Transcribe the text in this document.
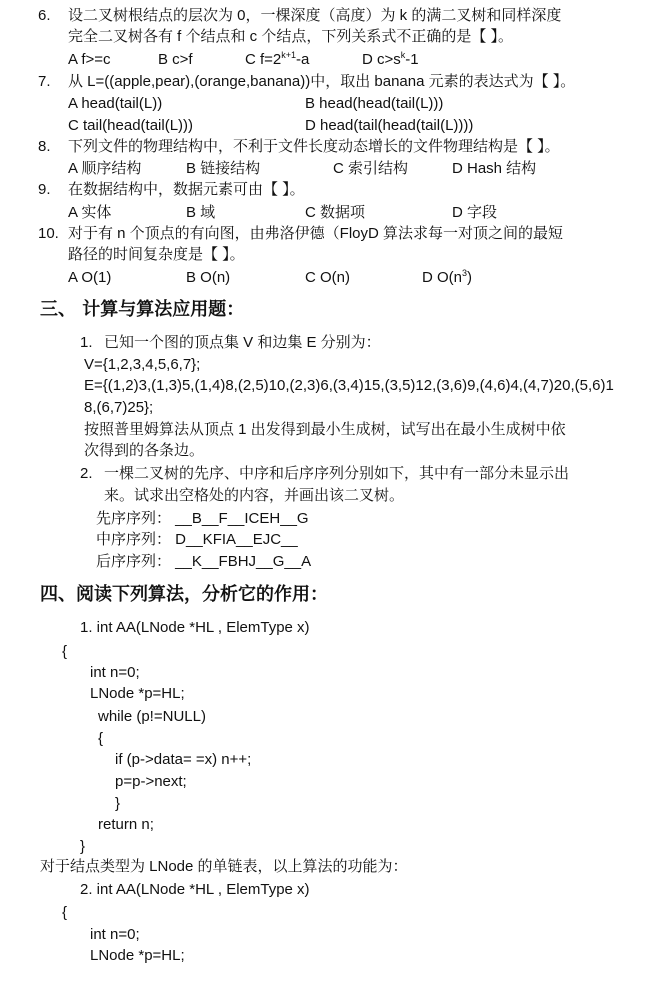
6. 设二叉树根结点的层次为 0，一棵深度（高度）为 k 的满二叉树和同样深度
完全二叉树各有 f 个结点和 c 个结点，下列关系式不正确的是【 】。
A f>=c	B c>f	C $f=2^{k+1}-a$	D $c>s^k-1$
7. 从 L=((apple,pear),(orange,banana))中，取出 banana 元素的表达式为【 】。
A head(tail(L))	B head(head(tail(L)))
C tail(head(tail(L)))	D head(tail(head(tail(L))))
8. 下列文件的物理结构中，不利于文件长度动态增长的文件物理结构是【 】。
A 顺序结构	B 链接结构	C 索引结构	D Hash 结构
9. 在数据结构中，数据元素可由【 】。
A 实体	B 域	C 数据项	D 字段
10. 对于有 n 个顶点的有向图，由弗洛伊德（FloyD 算法求每一对顶之间的最短
路径的时间复杂度是【 】。
A O(1)	B O(n)	C O(n)	D $O(n^3)$
三、 计算与算法应用题：
1. 已知一个图的顶点集 V 和边集 E 分别为：
V={1,2,3,4,5,6,7};
E={(1,2)3,(1,3)5,(1,4)8,(2,5)10,(2,3)6,(3,4)15,(3,5)12,(3,6)9,(4,6)4,(4,7)20,(5,6)1
8,(6,7)25};
按照普里姆算法从顶点 1 出发得到最小生成树，试写出在最小生成树中依
次得到的各条边。
2. 一棵二叉树的先序、中序和后序序列分别如下，其中有一部分未显示出
来。试求出空格处的内容，并画出该二叉树。
先序序列： __B__F__ICEH__G
中序序列： D__KFIA__EJC__
后序序列： __K__FBHJ__G__A
四、阅读下列算法，分析它的作用：
1. int AA(LNode *HL , ElemType x)
{
int n=0;
LNode *p=HL;
while (p!=NULL)
{
if (p->data= =x) n++;
p=p->next;
}
return n;
}
对于结点类型为 LNode 的单链表，以上算法的功能为：
2. int AA(LNode *HL , ElemType x)
{
int n=0;
LNode *p=HL;
